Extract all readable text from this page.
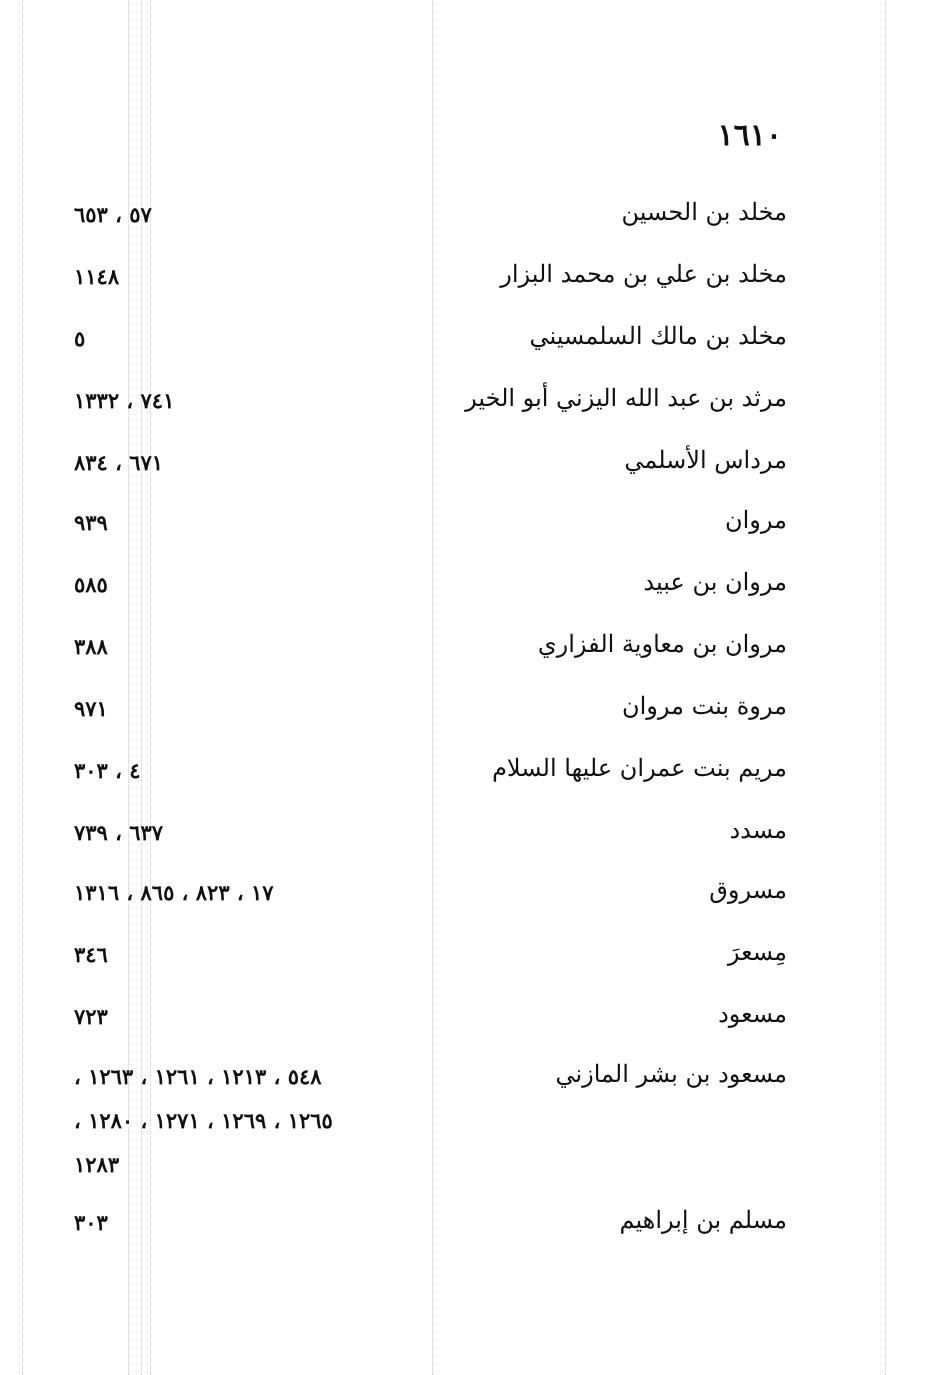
١٦١٠
مخلد بن الحسين
٥٧ ، ٦٥٣
مخلد بن علي بن محمد البزار
١١٤٨
مخلد بن مالك السلمسيني
٥
مرثد بن عبد الله اليزني أبو الخير
٧٤١ ، ١٣٣٢
مرداس الأسلمي
٦٧١ ، ٨٣٤
مروان
٩٣٩
مروان بن عبيد
٥٨٥
مروان بن معاوية الفزاري
٣٨٨
مروة بنت مروان
٩٧١
مريم بنت عمران عليها السلام
٤ ، ٣٠٣
مسدد
٦٣٧ ، ٧٣٩
مسروق
١٧ ، ٨٢٣ ، ٨٦٥ ، ١٣١٦
مِسعرَ
٣٤٦
مسعود
٧٢٣
مسعود بن بشر المازني
٥٤٨ ، ١٢١٣ ، ١٢٦١ ، ١٢٦٣ ،
١٢٦٥ ، ١٢٦٩ ، ١٢٧١ ، ١٢٨٠ ،
١٢٨٣
مسلم بن إبراهيم
٣٠٣
